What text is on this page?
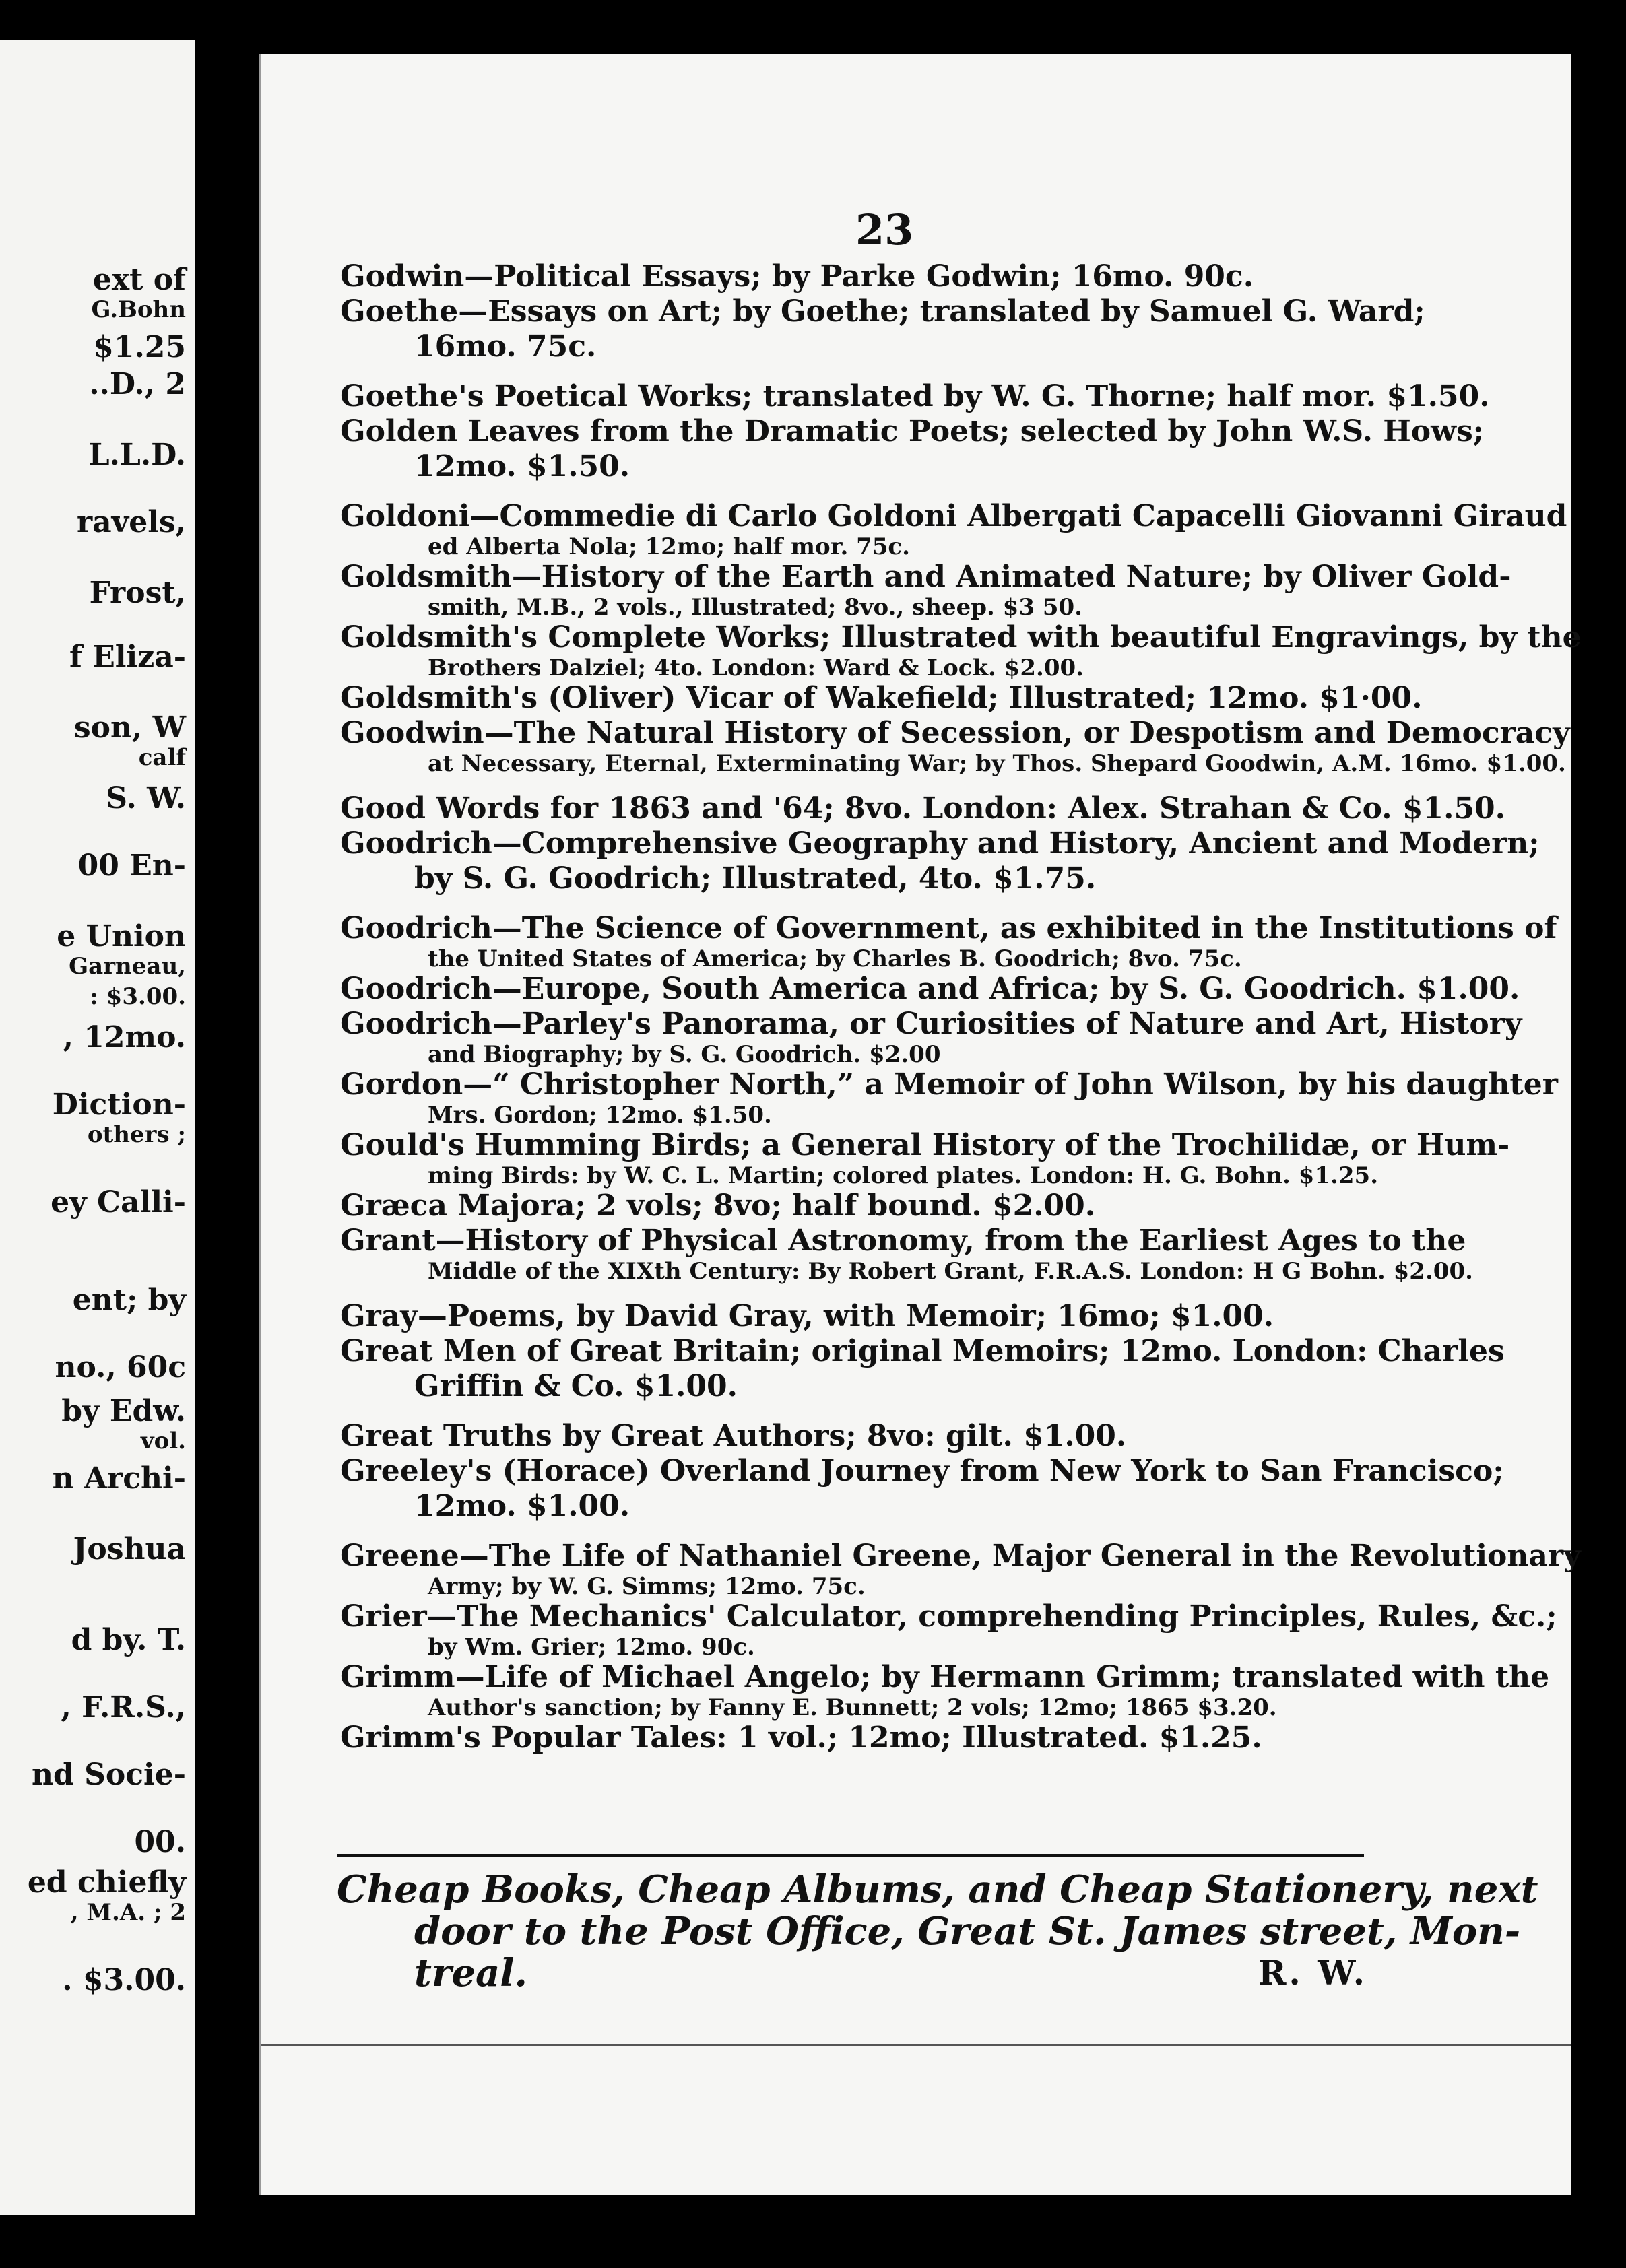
ext of
G.Bohn
$1.25
..D., 2
L.L.D.
ravels,
Frost,
f Eliza-
son, W
calf
S. W.
00 En-
e Union
Garneau,
: $3.00.
, 12mo.
Diction-
others ;
ey Calli-
ent; by
no., 60c
by Edw.
vol.
n Archi-
Joshua
d by. T.
, F.R.S.,
nd Socie-
00.
ed chiefly
, M.A. ; 2
. $3.00.
23
Godwin—Political Essays; by Parke Godwin; 16mo. 90c.
Goethe—Essays on Art; by Goethe; translated by Samuel G. Ward;
16mo. 75c.
Goethe's Poetical Works; translated by W. G. Thorne; half mor. $1.50.
Golden Leaves from the Dramatic Poets; selected by John W.S. Hows;
12mo. $1.50.
Goldoni—Commedie di Carlo Goldoni Albergati Capacelli Giovanni Giraud
ed Alberta Nola; 12mo; half mor. 75c.
Goldsmith—History of the Earth and Animated Nature; by Oliver Gold-
smith, M.B., 2 vols., Illustrated; 8vo., sheep. $3 50.
Goldsmith's Complete Works; Illustrated with beautiful Engravings, by the
Brothers Dalziel; 4to. London: Ward & Lock. $2.00.
Goldsmith's (Oliver) Vicar of Wakefield; Illustrated; 12mo. $1·00.
Goodwin—The Natural History of Secession, or Despotism and Democracy
at Necessary, Eternal, Exterminating War; by Thos. Shepard Goodwin, A.M. 16mo. $1.00.
Good Words for 1863 and '64; 8vo. London: Alex. Strahan & Co. $1.50.
Goodrich—Comprehensive Geography and History, Ancient and Modern;
by S. G. Goodrich; Illustrated, 4to. $1.75.
Goodrich—The Science of Government, as exhibited in the Institutions of
the United States of America; by Charles B. Goodrich; 8vo. 75c.
Goodrich—Europe, South America and Africa; by S. G. Goodrich. $1.00.
Goodrich—Parley's Panorama, or Curiosities of Nature and Art, History
and Biography; by S. G. Goodrich. $2.00
Gordon—“ Christopher North,” a Memoir of John Wilson, by his daughter
Mrs. Gordon; 12mo. $1.50.
Gould's Humming Birds; a General History of the Trochilidæ, or Hum-
ming Birds: by W. C. L. Martin; colored plates. London: H. G. Bohn. $1.25.
Græca Majora; 2 vols; 8vo; half bound. $2.00.
Grant—History of Physical Astronomy, from the Earliest Ages to the
Middle of the XIXth Century: By Robert Grant, F.R.A.S. London: H G Bohn. $2.00.
Gray—Poems, by David Gray, with Memoir; 16mo; $1.00.
Great Men of Great Britain; original Memoirs; 12mo. London: Charles
Griffin & Co. $1.00.
Great Truths by Great Authors; 8vo: gilt. $1.00.
Greeley's (Horace) Overland Journey from New York to San Francisco;
12mo. $1.00.
Greene—The Life of Nathaniel Greene, Major General in the Revolutionary
Army; by W. G. Simms; 12mo. 75c.
Grier—The Mechanics' Calculator, comprehending Principles, Rules, &c.;
by Wm. Grier; 12mo. 90c.
Grimm—Life of Michael Angelo; by Hermann Grimm; translated with the
Author's sanction; by Fanny E. Bunnett; 2 vols; 12mo; 1865 $3.20.
Grimm's Popular Tales: 1 vol.; 12mo; Illustrated. $1.25.
Cheap Books, Cheap Albums, and Cheap Stationery, next
door to the Post Office, Great St. James street, Mon-
treal.	R. W.
